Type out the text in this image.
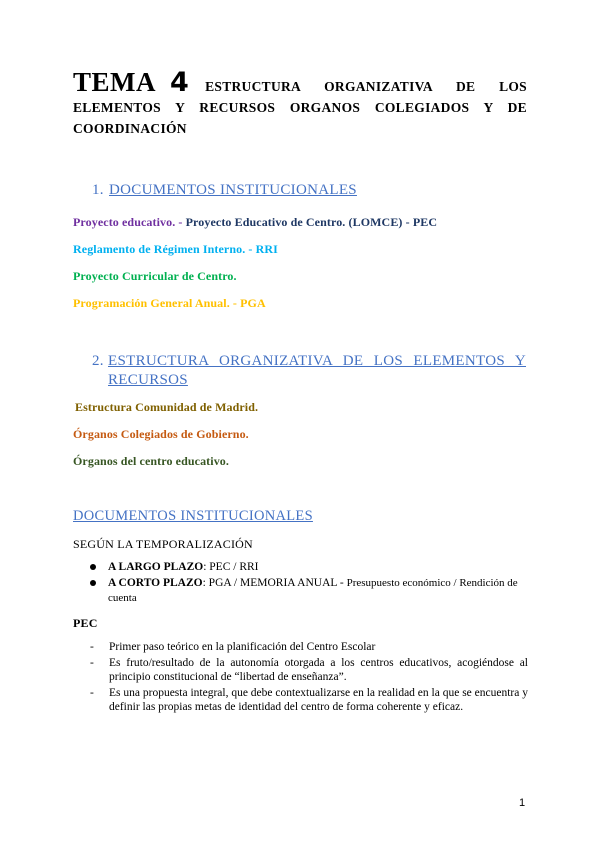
TEMA 4 ESTRUCTURA ORGANIZATIVA DE LOS ELEMENTOS Y RECURSOS ORGANOS COLEGIADOS Y DE COORDINACIÓN
1. DOCUMENTOS INSTITUCIONALES
Proyecto educativo. - Proyecto Educativo de Centro. (LOMCE) - PEC
Reglamento de Régimen Interno. - RRI
Proyecto Curricular de Centro.
Programación General Anual. - PGA
2. ESTRUCTURA ORGANIZATIVA DE LOS ELEMENTOS Y RECURSOS
Estructura Comunidad de Madrid.
Órganos Colegiados de Gobierno.
Órganos del centro educativo.
DOCUMENTOS INSTITUCIONALES
SEGÚN LA TEMPORALIZACIÓN
A LARGO PLAZO: PEC / RRI
A CORTO PLAZO: PGA / MEMORIA ANUAL - Presupuesto económico / Rendición de cuenta
PEC
- Primer paso teórico en la planificación del Centro Escolar
- Es fruto/resultado de la autonomía otorgada a los centros educativos, acogiéndose al principio constitucional de “libertad de enseñanza”.
- Es una propuesta integral, que debe contextualizarse en la realidad en la que se encuentra y definir las propias metas de identidad del centro de forma coherente y eficaz.
1
